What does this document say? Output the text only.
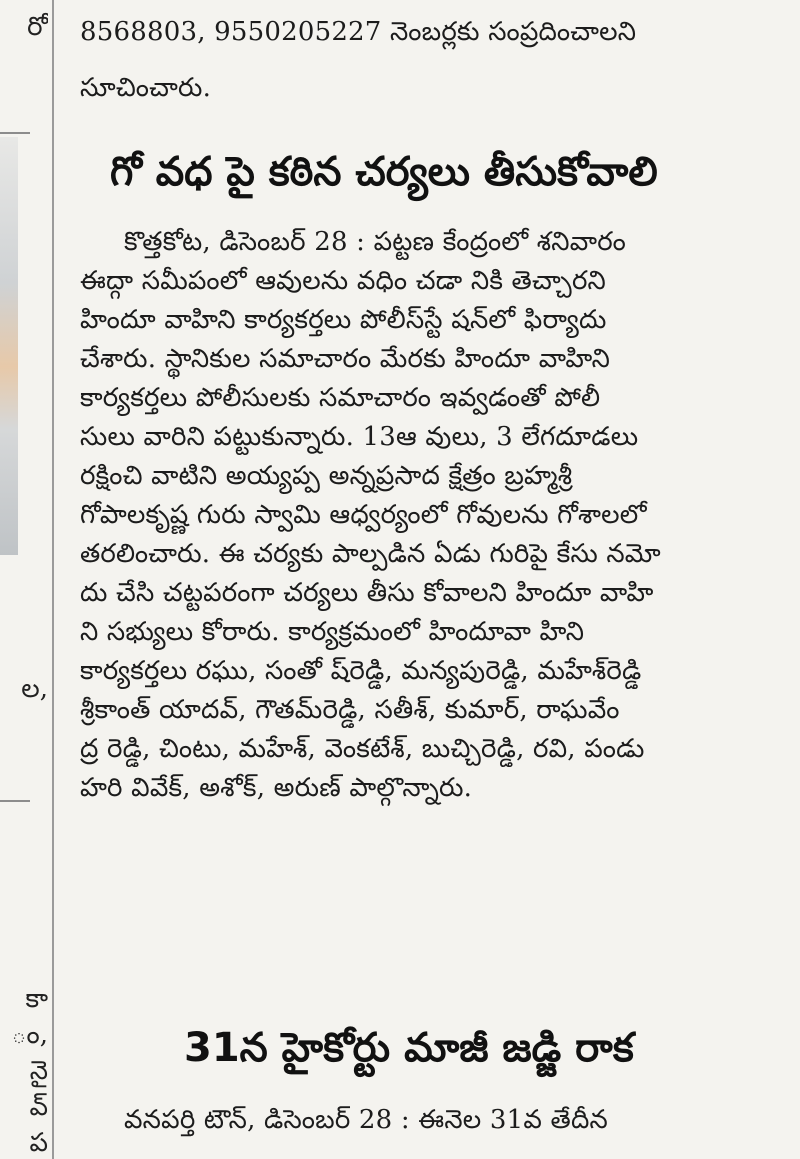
రో
ల,
కా
ం,
నై
వ్
ప
8568803, 9550205227 నెంబర్లకు సంప్రదించాలని
సూచించారు.
గో వధ పై కఠిన చర్యలు తీసుకోవాలి
కొత్తకోట, డిసెంబర్ 28 : పట్టణ కేంద్రంలో శనివారం
ఈద్గా సమీపంలో ఆవులను వధిం చడా నికి తెచ్చారని
హిందూ వాహిని కార్యకర్తలు పోలీస్‌స్టే షన్‌లో ఫిర్యాదు
చేశారు. స్థానికుల సమాచారం మేరకు హిందూ వాహిని
కార్యకర్తలు పోలీసులకు సమాచారం ఇవ్వడంతో పోలీ
సులు వారిని పట్టుకున్నారు. 13ఆ వులు, 3 లేగదూడలు
రక్షించి వాటిని అయ్యప్ప అన్నప్రసాద క్షేత్రం బ్రహ్మశ్రీ
గోపాలకృష్ణ గురు స్వామి ఆధ్వర్యంలో గోవులను గోశాలలో
తరలించారు. ఈ చర్యకు పాల్పడిన ఏడు గురిపై కేసు నమో
దు చేసి చట్టపరంగా చర్యలు తీసు కోవాలని హిందూ వాహి
ని సభ్యులు కోరారు. కార్యక్రమంలో హిందూవా హిని
కార్యకర్తలు రఘు, సంతో ష్‌రెడ్డి, మన్యపురెడ్డి, మహేశ్‌రెడ్డి
శ్రీకాంత్ యాదవ్, గౌతమ్‌రెడ్డి, సతీశ్, కుమార్, రాఘవేం
ద్ర రెడ్డి, చింటు, మహేశ్, వెంకటేశ్, బుచ్చిరెడ్డి, రవి, పండు
హరి వివేక్, అశోక్, అరుణ్ పాల్గొన్నారు.
31న హైకోర్టు మాజీ జడ్జి రాక
వనపర్తి టౌన్, డిసెంబర్ 28 : ఈనెల 31వ తేదీన
